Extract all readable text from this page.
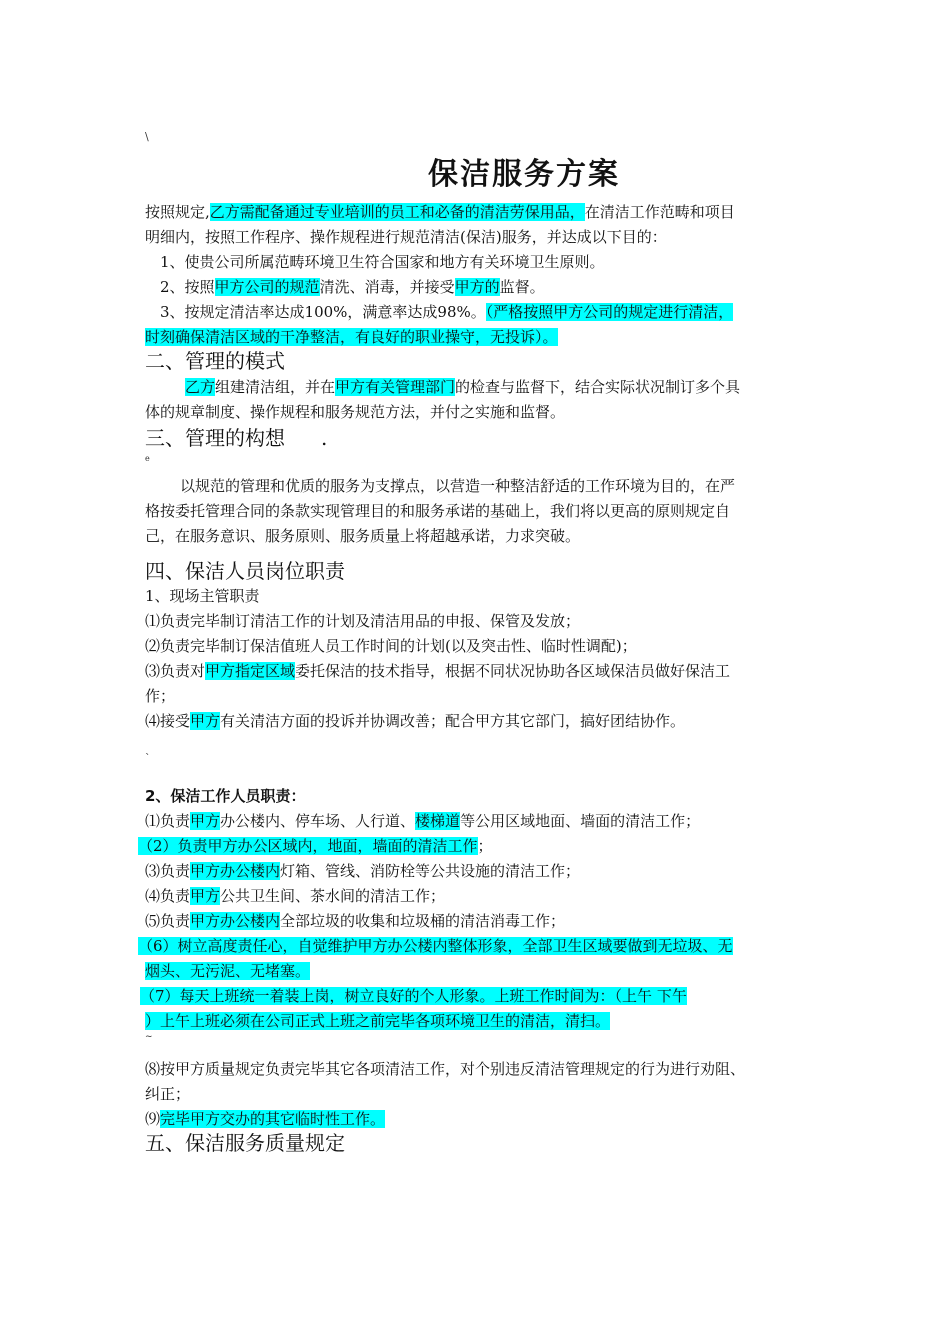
\
保洁服务方案
按照规定,乙方需配备通过专业培训的员工和必备的清洁劳保用品，在清洁工作范畴和项目
明细内，按照工作程序、操作规程进行规范清洁(保洁)服务，并达成以下目的：
1、使贵公司所属范畴环境卫生符合国家和地方有关环境卫生原则。
2、按照甲方公司的规范清洗、消毒，并接受甲方的监督。
3、按规定清洁率达成100%，满意率达成98%。（严格按照甲方公司的规定进行清洁，
时刻确保清洁区域的干净整洁，有良好的职业操守，无投诉）。
二、管理的模式
乙方组建清洁组，并在甲方有关管理部门的检查与监督下，结合实际状况制订多个具
体的规章制度、操作规程和服务规范方法，并付之实施和监督。
三、管理的构想 .
e
以规范的管理和优质的服务为支撑点，以营造一种整洁舒适的工作环境为目的，在严
格按委托管理合同的条款实现管理目的和服务承诺的基础上，我们将以更高的原则规定自
己，在服务意识、服务原则、服务质量上将超越承诺，力求突破。
四、保洁人员岗位职责
1、现场主管职责
⑴负责完毕制订清洁工作的计划及清洁用品的申报、保管及发放；
⑵负责完毕制订保洁值班人员工作时间的计划(以及突击性、临时性调配)；
⑶负责对甲方指定区域委托保洁的技术指导，根据不同状况协助各区域保洁员做好保洁工
作；
⑷接受甲方有关清洁方面的投诉并协调改善；配合甲方其它部门，搞好团结协作。
`
2、保洁工作人员职责：
⑴负责甲方办公楼内、停车场、人行道、楼梯道等公用区域地面、墙面的清洁工作；
（2）负责甲方办公区域内，地面，墙面的清洁工作；
⑶负责甲方办公楼内灯箱、管线、消防栓等公共设施的清洁工作；
⑷负责甲方公共卫生间、茶水间的清洁工作；
⑸负责甲方办公楼内全部垃圾的收集和垃圾桶的清洁消毒工作；
（6）树立高度责任心，自觉维护甲方办公楼内整体形象，全部卫生区域要做到无垃圾、无
烟头、无污泥、无堵塞。
（7）每天上班统一着装上岗，树立良好的个人形象。上班工作时间为：（上午 下午
）上午上班必须在公司正式上班之前完毕各项环境卫生的清洁，清扫。
~
⑻按甲方质量规定负责完毕其它各项清洁工作，对个别违反清洁管理规定的行为进行劝阻、
纠正；
⑼完毕甲方交办的其它临时性工作。
五、保洁服务质量规定
